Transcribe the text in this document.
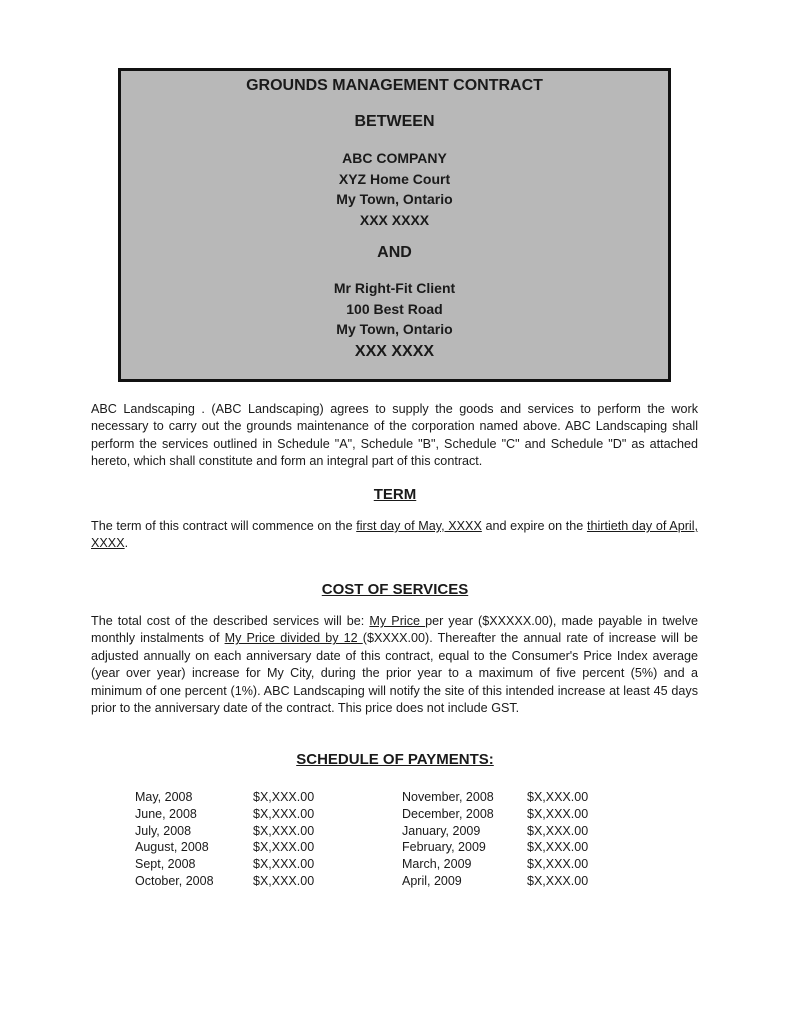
GROUNDS MANAGEMENT CONTRACT
BETWEEN
ABC COMPANY
XYZ Home Court
My Town, Ontario
XXX XXXX
AND
Mr Right-Fit Client
100 Best Road
My Town, Ontario
XXX XXXX
ABC Landscaping . (ABC Landscaping) agrees to supply the goods and services to perform the work necessary to carry out the grounds maintenance of the corporation named above. ABC Landscaping shall perform the services outlined in Schedule "A", Schedule "B", Schedule "C" and Schedule "D" as attached hereto, which shall constitute and form an integral part of this contract.
TERM
The term of this contract will commence on the first day of May, XXXX and expire on the thirtieth day of April, XXXX.
COST OF SERVICES
The total cost of the described services will be: My Price per year ($XXXXX.00), made payable in twelve monthly instalments of My Price divided by 12 ($XXXX.00). Thereafter the annual rate of increase will be adjusted annually on each anniversary date of this contract, equal to the Consumer's Price Index average (year over year) increase for My City, during the prior year to a maximum of five percent (5%) and a minimum of one percent (1%). ABC Landscaping will notify the site of this intended increase at least 45 days prior to the anniversary date of the contract. This price does not include GST.
SCHEDULE OF PAYMENTS:
May, 2008	$X,XXX.00
June, 2008	$X,XXX.00
July, 2008	$X,XXX.00
August, 2008	$X,XXX.00
Sept, 2008	$X,XXX.00
October, 2008	$X,XXX.00
November, 2008	$X,XXX.00
December, 2008	$X,XXX.00
January, 2009	$X,XXX.00
February, 2009	$X,XXX.00
March, 2009	$X,XXX.00
April, 2009	$X,XXX.00
